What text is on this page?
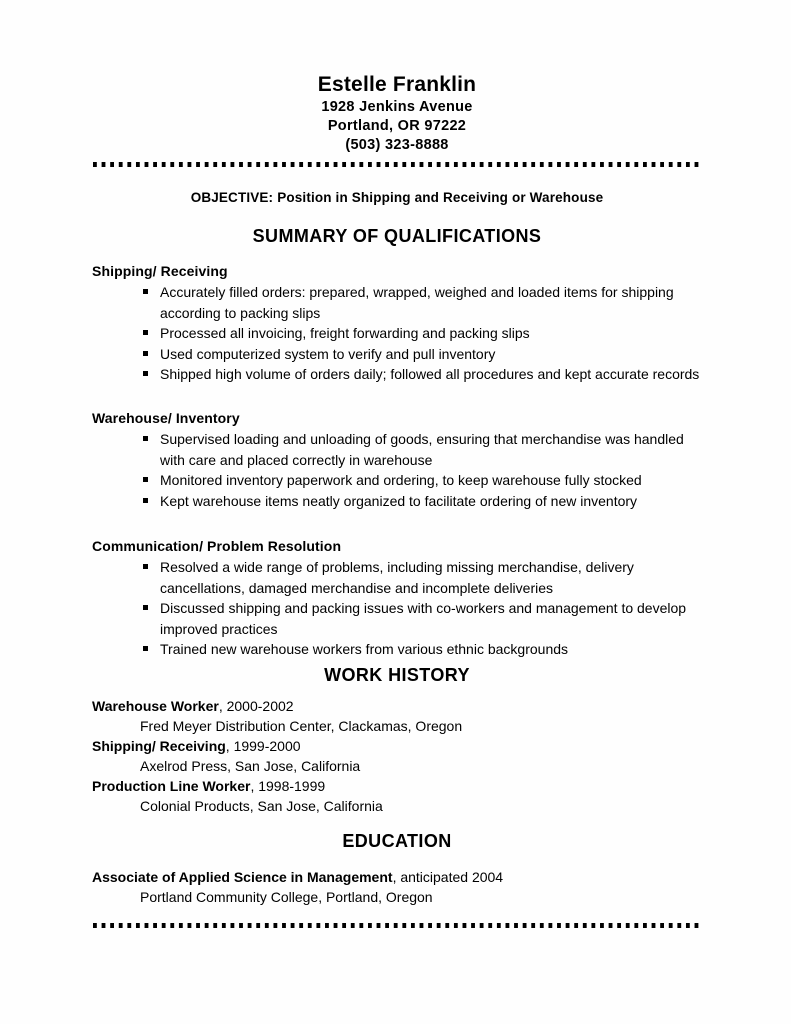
Estelle Franklin
1928 Jenkins Avenue
Portland, OR 97222
(503) 323-8888
OBJECTIVE: Position in Shipping and Receiving or Warehouse
SUMMARY OF QUALIFICATIONS
Shipping/ Receiving
Accurately filled orders: prepared, wrapped, weighed and loaded items for shipping according to packing slips
Processed all invoicing, freight forwarding and packing slips
Used computerized system to verify and pull inventory
Shipped high volume of orders daily; followed all procedures and kept accurate records
Warehouse/ Inventory
Supervised loading and unloading of goods, ensuring that merchandise was handled with care and placed correctly in warehouse
Monitored inventory paperwork and ordering, to keep warehouse fully stocked
Kept warehouse items neatly organized to facilitate ordering of new inventory
Communication/ Problem Resolution
Resolved a wide range of problems, including missing merchandise, delivery cancellations, damaged merchandise and incomplete deliveries
Discussed shipping and packing issues with co-workers and management to develop improved practices
Trained new warehouse workers from various ethnic backgrounds
WORK HISTORY
Warehouse Worker, 2000-2002
Fred Meyer Distribution Center, Clackamas, Oregon
Shipping/ Receiving, 1999-2000
Axelrod Press, San Jose, California
Production Line Worker, 1998-1999
Colonial Products, San Jose, California
EDUCATION
Associate of Applied Science in Management, anticipated 2004
Portland Community College, Portland, Oregon
